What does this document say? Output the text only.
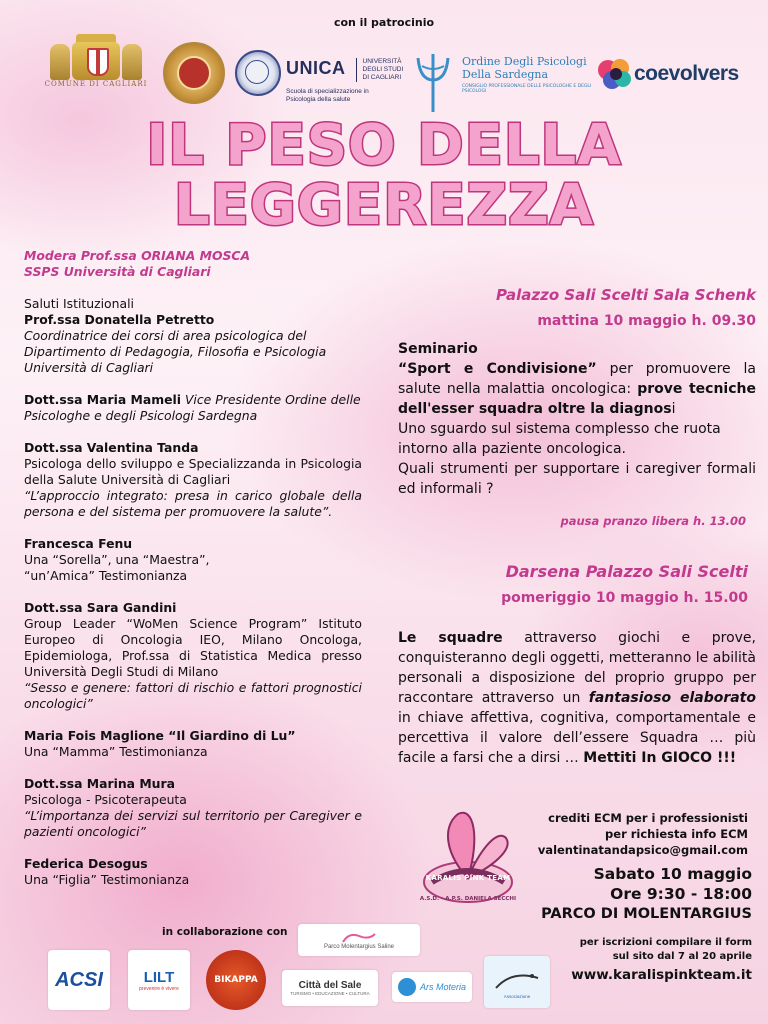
con il patrocinio
COMUNE DI CAGLIARI
UNICA	UNIVERSITÀ
DEGLI STUDI
DI CAGLIARI
Scuola di specializzazione in
Psicologia della salute
Ordine Degli Psicologi
Della Sardegna
CONSIGLIO PROFESSIONALE DELLE PSICOLOGHE E DEGLI PSICOLOGI
coevolvers
IL PESO DELLA
LEGGEREZZA

Modera Prof.ssa ORIANA MOSCA

SSPS Università di Cagliari

Saluti Istituzionali

Prof.ssa Donatella Petretto

Coordinatrice dei corsi di area psicologica del Dipartimento di Pedagogia, Filosofia e Psicologia Università di Cagliari

Dott.ssa Maria Mameli Vice Presidente Ordine delle Psicologhe e degli Psicologi Sardegna

Dott.ssa Valentina Tanda

Psicologa dello sviluppo e Specializzanda in Psicologia della Salute Università di Cagliari

“L’approccio integrato: presa in carico globale della persona e del sistema per promuovere la salute”.

Francesca Fenu

Una “Sorella”, una “Maestra”,

“un’Amica” Testimonianza

Dott.ssa Sara Gandini

Group Leader “WoMen Science Program” Istituto Europeo di Oncologia IEO, Milano Oncologa, Epidemiologa, Prof.ssa di Statistica Medica presso Università Degli Studi di Milano

“Sesso e genere: fattori di rischio e fattori prognostici oncologici”

Maria Fois Maglione “Il Giardino di Lu”

Una “Mamma” Testimonianza

Dott.ssa Marina Mura

Psicologa - Psicoterapeuta

“L’importanza dei servizi sul territorio per Caregiver e pazienti oncologici”

Federica Desogus

Una “Figlia” Testimonianza

Palazzo Sali Scelti Sala Schenk
mattina 10 maggio h. 09.30
Seminario
“Sport e Condivisione” per promuovere la salute nella malattia oncologica: prove tecniche dell'esser squadra oltre la diagnosi
Uno sguardo sul sistema complesso che ruota intorno alla paziente oncologica.
Quali strumenti per supportare i caregiver formali ed informali ?
pausa pranzo libera h. 13.00
Darsena Palazzo Sali Scelti
pomeriggio 10 maggio h. 15.00
Le squadre attraverso giochi e prove, conquisteranno degli oggetti, metteranno le abilità personali a disposizione del proprio gruppo per raccontare attraverso un fantasioso elaborato in chiave affettiva, cognitiva, comportamentale e percettiva il valore dell’essere Squadra … più facile a farsi che a dirsi … Mettiti In GIOCO !!!
crediti ECM per i professionisti
per richiesta info ECM
valentinatandapsico@gmail.com
KARALIS PINK TEAM
A.S.D. - A.P.S. DANIELA SECCHI
Sabato 10 maggio
Ore 9:30 - 18:00
PARCO DI MOLENTARGIUS
per iscrizioni compilare il form
sul sito dal 7 al 20 aprile
www.karalispinkteam.it
in collaborazione con
Parco Molentargius Saline
ACSI	LILT
prevenire è vivere
BIKAPPA	Città del Sale
TURISMO • EDUCAZIONE • CULTURA
Ars Moteria
Associazione
